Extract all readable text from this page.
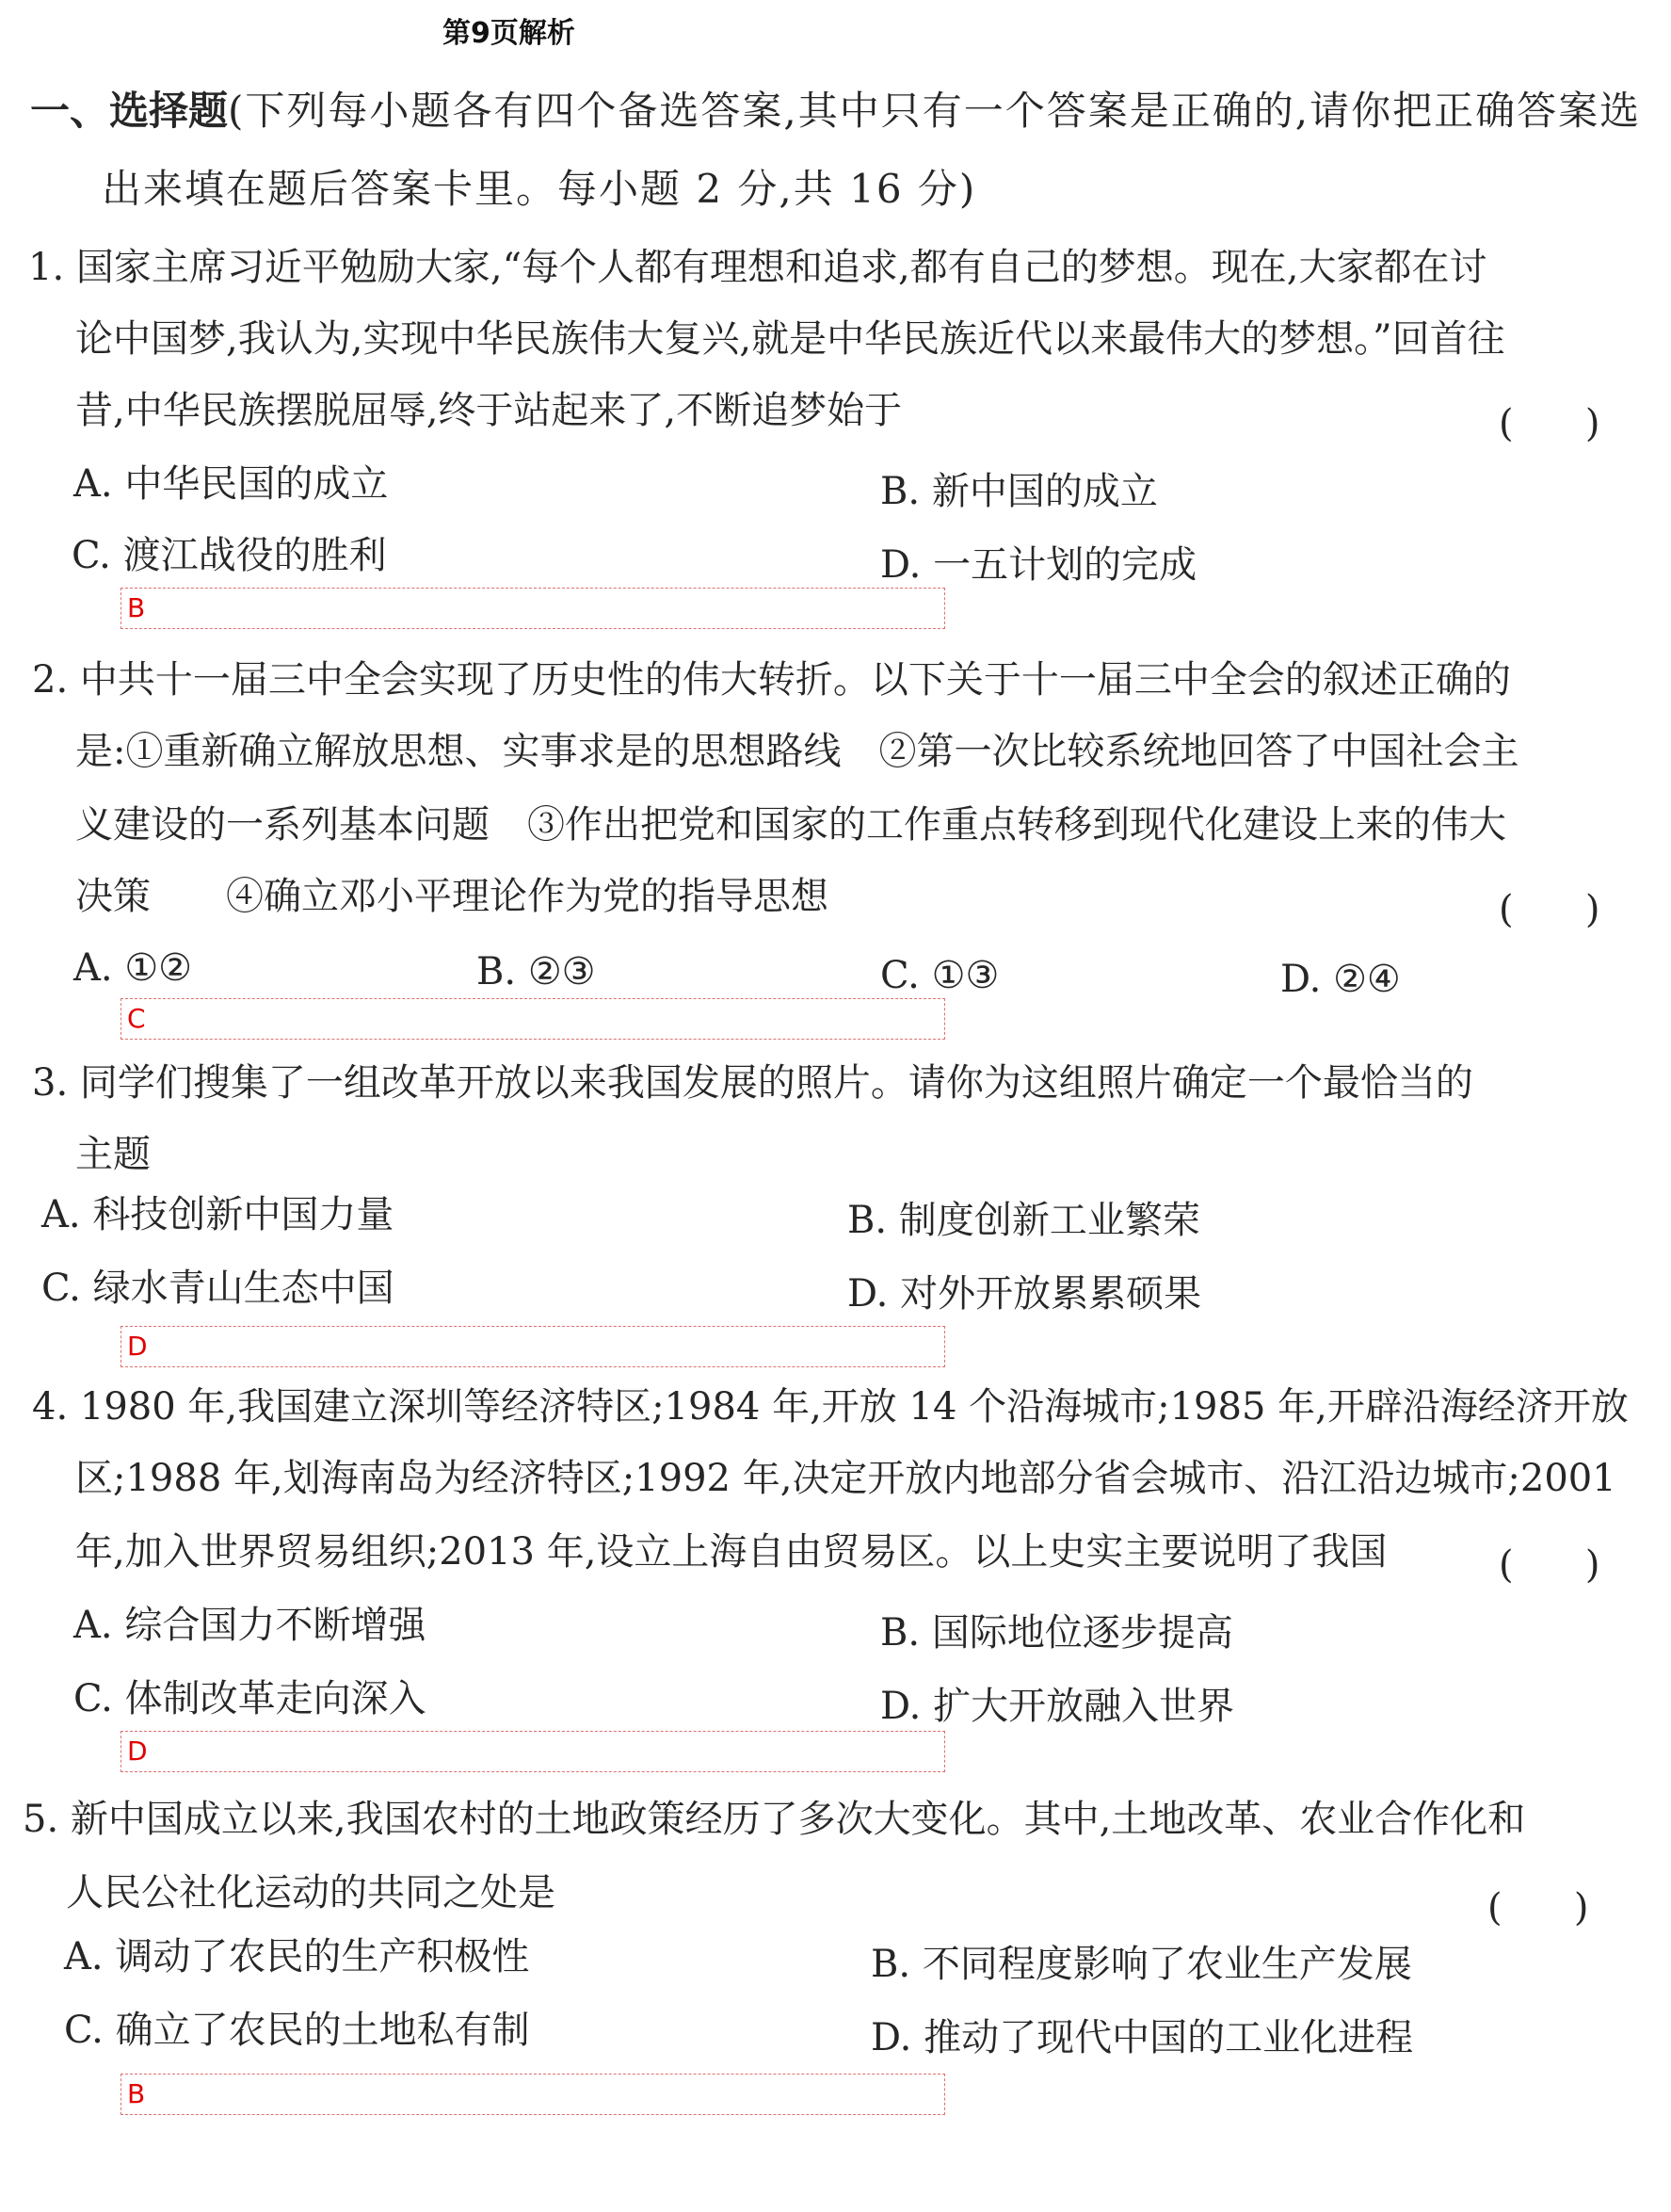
第9页解析
一、选择题(下列每小题各有四个备选答案,其中只有一个答案是正确的,请你把正确答案选
出来填在题后答案卡里。每小题 2 分,共 16 分)
1. 国家主席习近平勉励大家,“每个人都有理想和追求,都有自己的梦想。现在,大家都在讨
论中国梦,我认为,实现中华民族伟大复兴,就是中华民族近代以来最伟大的梦想。”回首往
昔,中华民族摆脱屈辱,终于站起来了,不断追梦始于	(      )
A. 中华民国的成立	B. 新中国的成立
C. 渡江战役的胜利	D. 一五计划的完成
B
2. 中共十一届三中全会实现了历史性的伟大转折。以下关于十一届三中全会的叙述正确的
是:①重新确立解放思想、实事求是的思想路线　②第一次比较系统地回答了中国社会主
义建设的一系列基本问题　③作出把党和国家的工作重点转移到现代化建设上来的伟大
决策　　④确立邓小平理论作为党的指导思想	(      )
A. ①②	B. ②③	C. ①③	D. ②④
C
3. 同学们搜集了一组改革开放以来我国发展的照片。请你为这组照片确定一个最恰当的
主题
A. 科技创新中国力量	B. 制度创新工业繁荣
C. 绿水青山生态中国	D. 对外开放累累硕果
D
4. 1980 年,我国建立深圳等经济特区;1984 年,开放 14 个沿海城市;1985 年,开辟沿海经济开放
区;1988 年,划海南岛为经济特区;1992 年,决定开放内地部分省会城市、沿江沿边城市;2001
年,加入世界贸易组织;2013 年,设立上海自由贸易区。以上史实主要说明了我国	(      )
A. 综合国力不断增强	B. 国际地位逐步提高
C. 体制改革走向深入	D. 扩大开放融入世界
D
5. 新中国成立以来,我国农村的土地政策经历了多次大变化。其中,土地改革、农业合作化和
人民公社化运动的共同之处是	(      )
A. 调动了农民的生产积极性	B. 不同程度影响了农业生产发展
C. 确立了农民的土地私有制	D. 推动了现代中国的工业化进程
B
